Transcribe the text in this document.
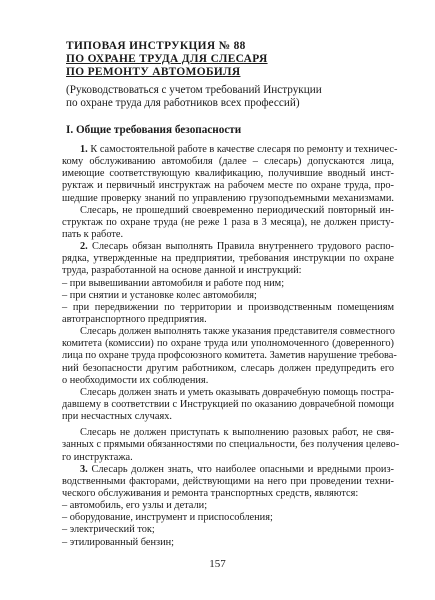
ТИПОВАЯ ИНСТРУКЦИЯ № 88
ПО ОХРАНЕ ТРУДА ДЛЯ СЛЕСАРЯ
ПО РЕМОНТУ АВТОМОБИЛЯ
(Руководствоваться с учетом требований Инструкции
по охране труда для работников всех профессий)
I. Общие требования безопасности
1. К самостоятельной работе в качестве слесаря по ремонту и техничес-
кому обслуживанию автомобиля (далее – слесарь) допускаются лица,
имеющие соответствующую квалификацию, получившие вводный инст-
руктаж и первичный инструктаж на рабочем месте по охране труда, про-
шедшие проверку знаний по управлению грузоподъемными механизмами.
Слесарь, не прошедший своевременно периодический повторный ин-
структаж по охране труда (не реже 1 раза в 3 месяца), не должен присту-
пать к работе.
2. Слесарь обязан выполнять Правила внутреннего трудового распо-
рядка, утвержденные на предприятии, требования инструкции по охране
труда, разработанной на основе данной и инструкций:
– при вывешивании автомобиля и работе под ним;
– при снятии и установке колес автомобиля;
– при передвижении по территории и производственным помещениям
автотранспортного предприятия.
Слесарь должен выполнять также указания представителя совместного
комитета (комиссии) по охране труда или уполномоченного (доверенного)
лица по охране труда профсоюзного комитета. Заметив нарушение требова-
ний безопасности другим работником, слесарь должен предупредить его
о необходимости их соблюдения.
Слесарь должен знать и уметь оказывать доврачебную помощь постра-
давшему в соответствии с Инструкцией по оказанию доврачебной помощи
при несчастных случаях.
Слесарь не должен приступать к выполнению разовых работ, не свя-
занных с прямыми обязанностями по специальности, без получения целево-
го инструктажа.
3. Слесарь должен знать, что наиболее опасными и вредными произ-
водственными факторами, действующими на него при проведении техни-
ческого обслуживания и ремонта транспортных средств, являются:
– автомобиль, его узлы и детали;
– оборудование, инструмент и приспособления;
– электрический ток;
– этилированный бензин;
157
